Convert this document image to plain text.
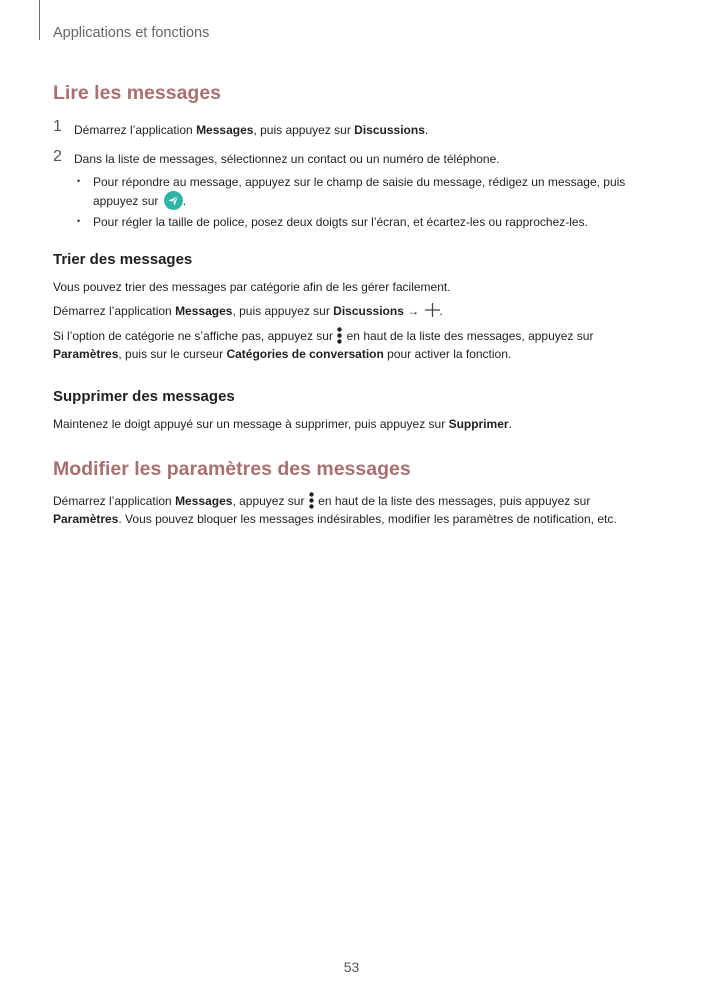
Applications et fonctions
Lire les messages
1 Démarrez l’application Messages, puis appuyez sur Discussions.
2 Dans la liste de messages, sélectionnez un contact ou un numéro de téléphone.
• Pour répondre au message, appuyez sur le champ de saisie du message, rédigez un message, puis
appuyez sur .
• Pour régler la taille de police, posez deux doigts sur l’écran, et écartez-les ou rapprochez-les.
Trier des messages
Vous pouvez trier des messages par catégorie afin de les gérer facilement.
Démarrez l’application Messages, puis appuyez sur Discussions → .
Si l’option de catégorie ne s’affiche pas, appuyez sur
en haut de la liste des messages, appuyez sur
Paramètres, puis sur le curseur Catégories de conversation pour activer la fonction.
Supprimer des messages
Maintenez le doigt appuyé sur un message à supprimer, puis appuyez sur Supprimer.
Modifier les paramètres des messages
Démarrez l’application Messages, appuyez sur
en haut de la liste des messages, puis appuyez sur
Paramètres. Vous pouvez bloquer les messages indésirables, modifier les paramètres de notification, etc.
53
